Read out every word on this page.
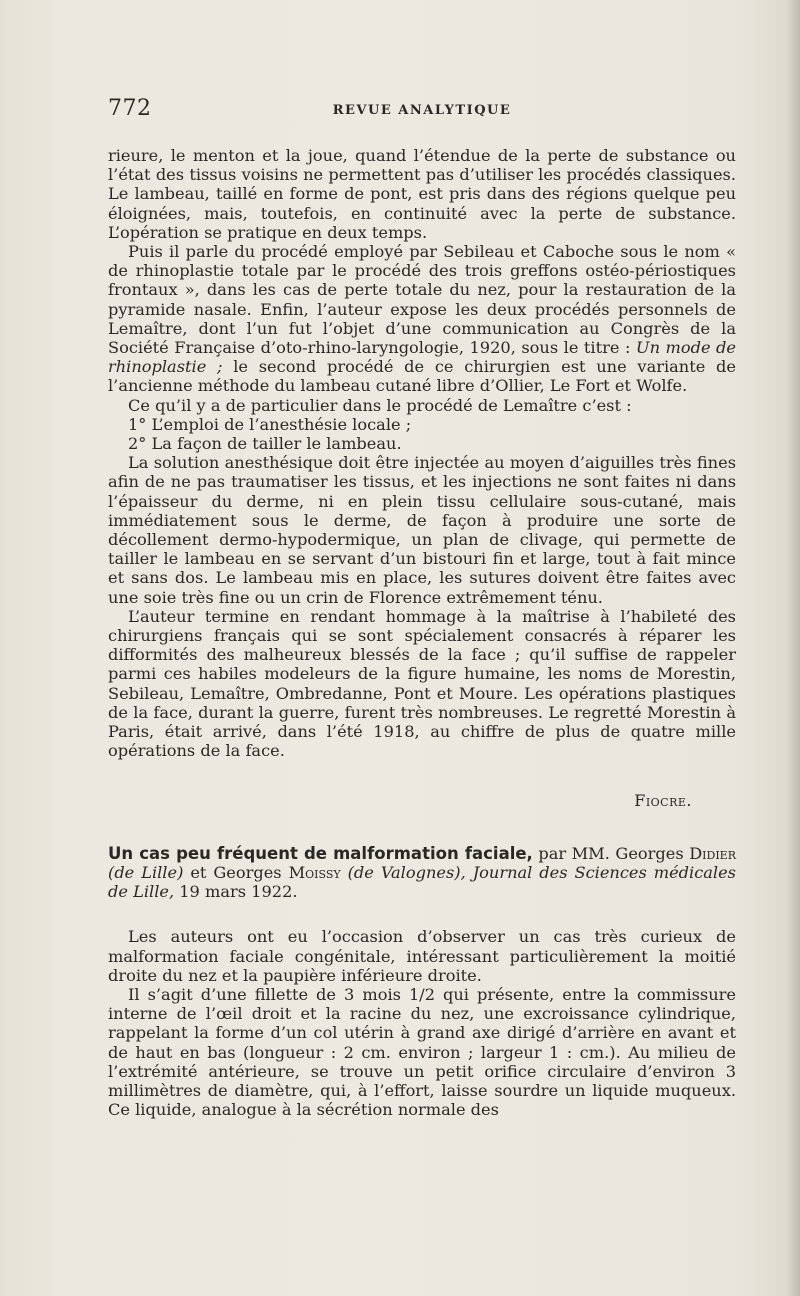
772	REVUE ANALYTIQUE

rieure, le menton et la joue, quand l’étendue de la perte de substance ou l’état des tissus voisins ne permettent pas d’utiliser les procédés classiques. Le lambeau, taillé en forme de pont, est pris dans des régions quelque peu éloignées, mais, toutefois, en continuité avec la perte de substance. L’opération se pratique en deux temps.

Puis il parle du procédé employé par Sebileau et Caboche sous le nom « de rhinoplastie totale par le procédé des trois greffons ostéo-périostiques frontaux », dans les cas de perte totale du nez, pour la restauration de la pyramide nasale. Enfin, l’auteur expose les deux procédés personnels de Lemaître, dont l’un fut l’objet d’une communication au Congrès de la Société Française d’oto-rhino-laryngologie, 1920, sous le titre : Un mode de rhinoplastie ; le second procédé de ce chirurgien est une variante de l’ancienne méthode du lambeau cutané libre d’Ollier, Le Fort et Wolfe.

Ce qu’il y a de particulier dans le procédé de Lemaître c’est :

1° L’emploi de l’anesthésie locale ;

2° La façon de tailler le lambeau.

La solution anesthésique doit être injectée au moyen d’aiguilles très fines afin de ne pas traumatiser les tissus, et les injections ne sont faites ni dans l’épaisseur du derme, ni en plein tissu cellulaire sous-cutané, mais immédiatement sous le derme, de façon à produire une sorte de décollement dermo-hypodermique, un plan de clivage, qui permette de tailler le lambeau en se servant d’un bistouri fin et large, tout à fait mince et sans dos. Le lambeau mis en place, les sutures doivent être faites avec une soie très fine ou un crin de Florence extrêmement ténu.

L’auteur termine en rendant hommage à la maîtrise à l’habileté des chirurgiens français qui se sont spécialement consacrés à réparer les difformités des malheureux blessés de la face ; qu’il suffise de rappeler parmi ces habiles modeleurs de la figure humaine, les noms de Morestin, Sebileau, Lemaître, Ombredanne, Pont et Moure. Les opérations plastiques de la face, durant la guerre, furent très nombreuses. Le regretté Morestin à Paris, était arrivé, dans l’été 1918, au chiffre de plus de quatre mille opérations de la face.

Fiocre.

Un cas peu fréquent de malformation faciale, par MM. Georges Didier (de Lille) et Georges Moissy (de Valognes), Journal des Sciences médicales de Lille, 19 mars 1922.

Les auteurs ont eu l’occasion d’observer un cas très curieux de malformation faciale congénitale, intéressant particulièrement la moitié droite du nez et la paupière inférieure droite.

Il s’agit d’une fillette de 3 mois 1/2 qui présente, entre la commissure interne de l’œil droit et la racine du nez, une excroissance cylindrique, rappelant la forme d’un col utérin à grand axe dirigé d’arrière en avant et de haut en bas (longueur : 2 cm. environ ; largeur 1 : cm.). Au milieu de l’extrémité antérieure, se trouve un petit orifice circulaire d’environ 3 millimètres de diamètre, qui, à l’effort, laisse sourdre un liquide muqueux. Ce liquide, analogue à la sécrétion normale des
